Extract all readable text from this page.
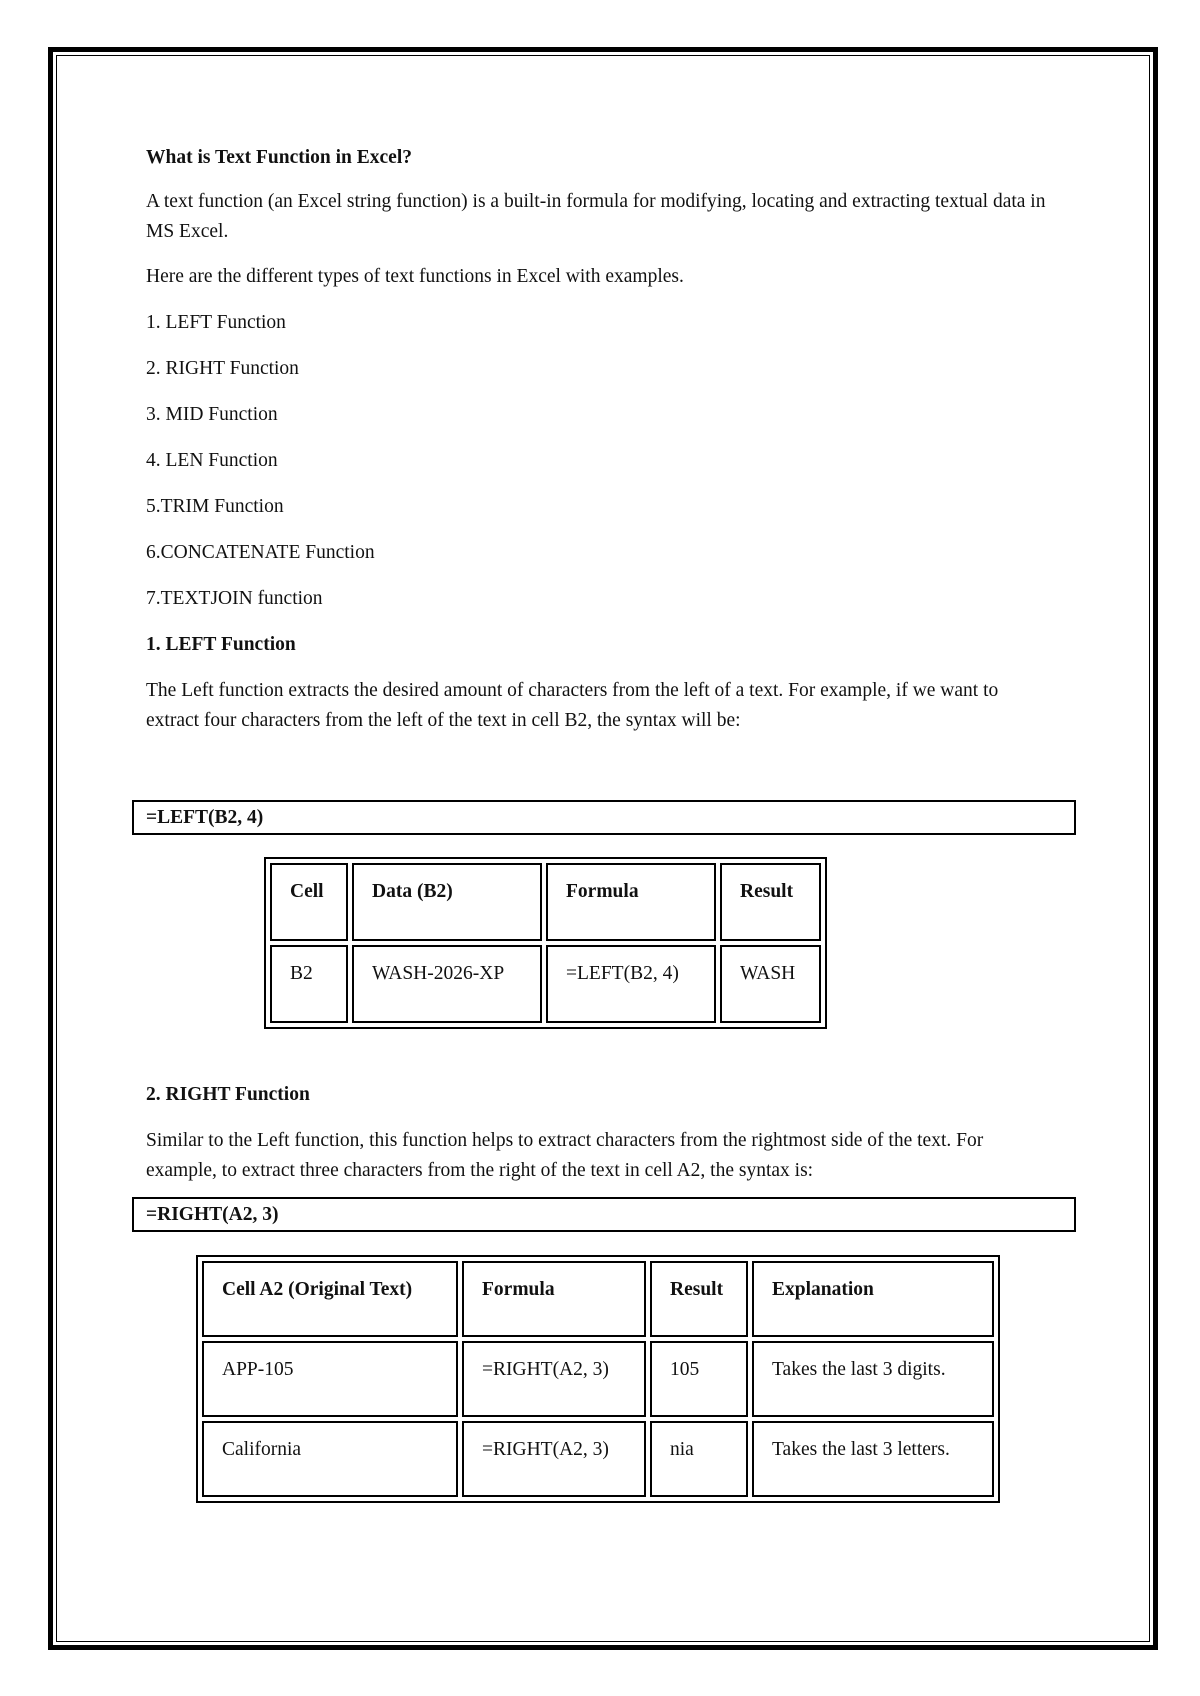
What is Text Function in Excel?
A text function (an Excel string function) is a built-in formula for modifying, locating and extracting textual data in MS Excel.
Here are the different types of text functions in Excel with examples.
1. LEFT Function
2. RIGHT Function
3. MID Function
4. LEN Function
5.TRIM Function
6.CONCATENATE Function
7.TEXTJOIN function
1. LEFT Function
The Left function extracts the desired amount of characters from the left of a text. For example, if we want to extract four characters from the left of the text in cell B2, the syntax will be:
2. RIGHT Function
Similar to the Left function, this function helps to extract characters from the rightmost side of the text. For example, to extract three characters from the right of the text in cell A2, the syntax is:
=LEFT(B2, 4)
Cell	Data (B2)	Formula	Result
B2	WASH-2026-XP	=LEFT(B2, 4)	WASH
=RIGHT(A2, 3)
Cell A2 (Original Text)	Formula	Result	Explanation
APP-105	=RIGHT(A2, 3)	105	Takes the last 3 digits.
California	=RIGHT(A2, 3)	nia	Takes the last 3 letters.
